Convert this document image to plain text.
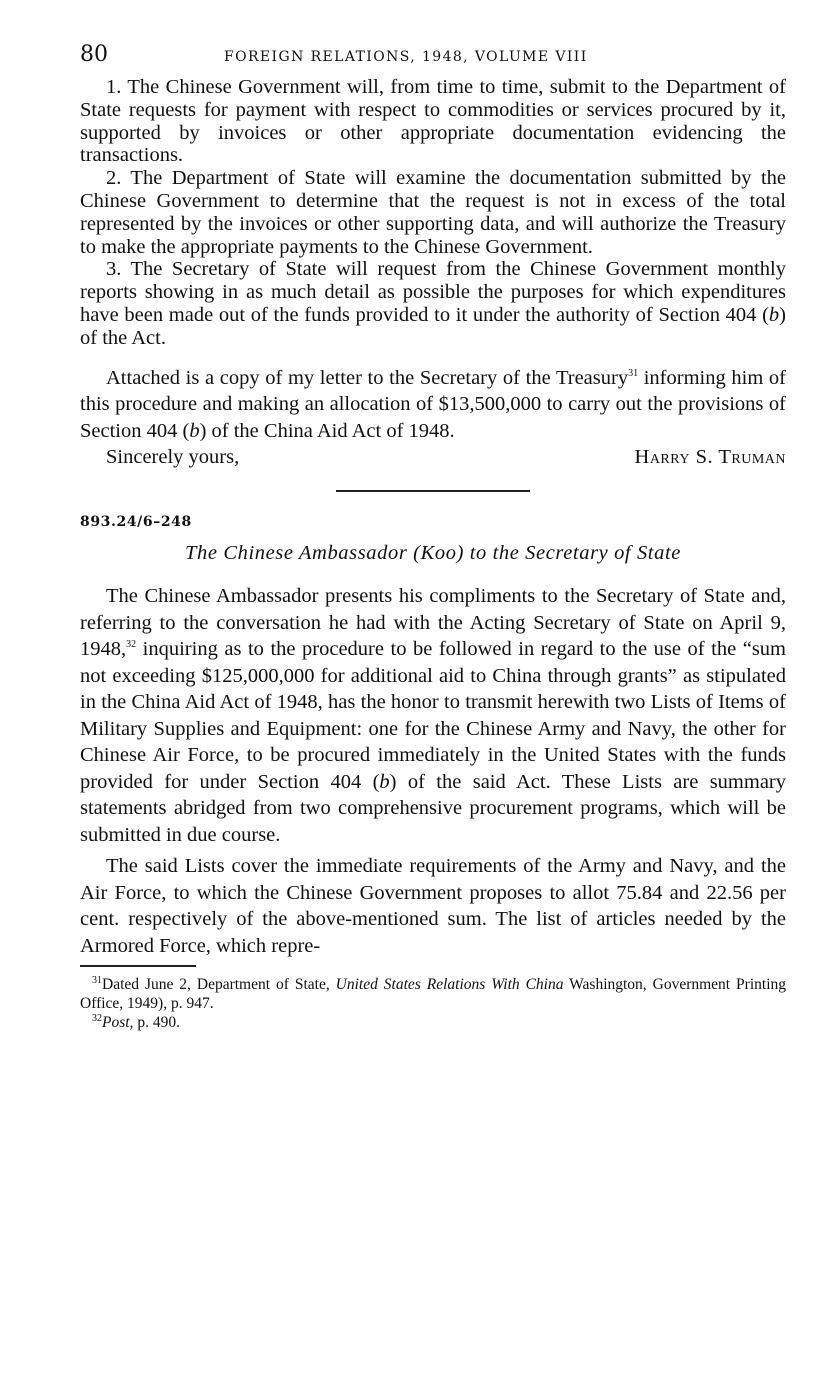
80	FOREIGN RELATIONS, 1948, VOLUME VIII

1. The Chinese Government will, from time to time, submit to the Department of State requests for payment with respect to commodities or services procured by it, supported by invoices or other appropriate documentation evidencing the transactions.

2. The Department of State will examine the documentation submitted by the Chinese Government to determine that the request is not in excess of the total represented by the invoices or other supporting data, and will authorize the Treasury to make the appropriate payments to the Chinese Government.

3. The Secretary of State will request from the Chinese Government monthly reports showing in as much detail as possible the purposes for which expenditures have been made out of the funds provided to it under the authority of Section 404 (b) of the Act.

Attached is a copy of my letter to the Secretary of the Treasury$^{31}$ informing him of this procedure and making an allocation of $13,500,000 to carry out the provisions of Section 404 (b) of the China Aid Act of 1948.

Sincerely yours,	Harry S. Truman
893.24/6–248
The Chinese Ambassador (Koo) to the Secretary of State

The Chinese Ambassador presents his compliments to the Secretary of State and, referring to the conversation he had with the Acting Secretary of State on April 9, 1948,32 inquiring as to the procedure to be followed in regard to the use of the “sum not exceeding $125,000,000 for additional aid to China through grants” as stipulated in the China Aid Act of 1948, has the honor to transmit herewith two Lists of Items of Military Supplies and Equipment: one for the Chinese Army and Navy, the other for Chinese Air Force, to be procured immediately in the United States with the funds provided for under Section 404 (b) of the said Act. These Lists are summary statements abridged from two comprehensive procurement programs, which will be submitted in due course.

The said Lists cover the immediate requirements of the Army and Navy, and the Air Force, to which the Chinese Government proposes to allot 75.84 and 22.56 per cent. respectively of the above-mentioned sum. The list of articles needed by the Armored Force, which repre-

$^{31}$Dated June 2, Department of State, United States Relations With China Washington, Government Printing Office, 1949), p. 947.
$^{32}$Post, p. 490.
